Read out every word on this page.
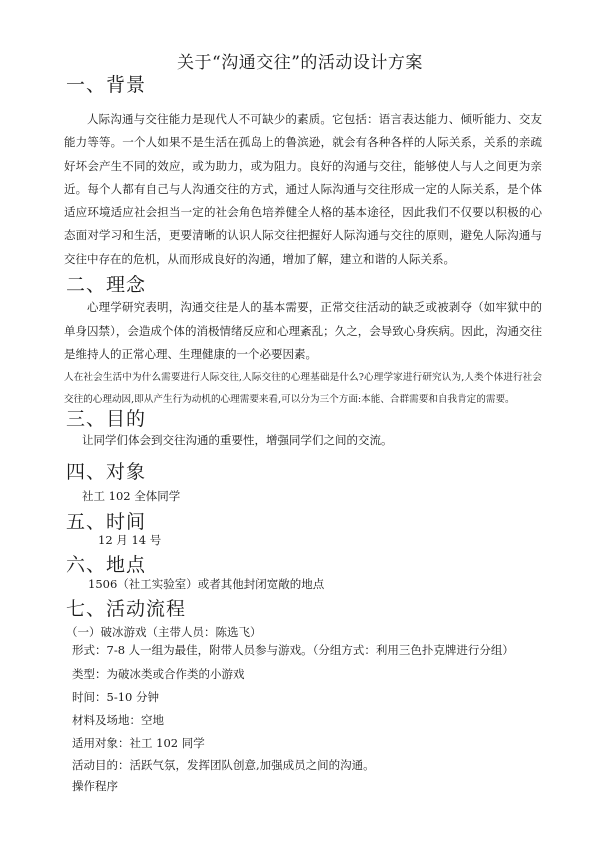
关于“沟通交往”的活动设计方案
一、背景

人际沟通与交往能力是现代人不可缺少的素质。它包括：语言表达能力、倾听能力、交友能力等等。一个人如果不是生活在孤岛上的鲁滨逊，就会有各种各样的人际关系，关系的亲疏好坏会产生不同的效应，或为助力，或为阻力。良好的沟通与交往，能够使人与人之间更为亲近。每个人都有自己与人沟通交往的方式，通过人际沟通与交往形成一定的人际关系，是个体适应环境适应社会担当一定的社会角色培养健全人格的基本途径，因此我们不仅要以积极的心态面对学习和生活，更要清晰的认识人际交往把握好人际沟通与交往的原则，避免人际沟通与交往中存在的危机，从而形成良好的沟通，增加了解，建立和谐的人际关系。

二、理念
心理学研究表明，沟通交往是人的基本需要，正常交往活动的缺乏或被剥夺（如牢狱中的单身囚禁），会造成个体的消极情绪反应和心理紊乱；久之，会导致心身疾病。因此，沟通交往是维持人的正常心理、生理健康的一个必要因素。
人在社会生活中为什么需要进行人际交往,人际交往的心理基础是什么?心理学家进行研究认为,人类个体进行社会交往的心理动因,即从产生行为动机的心理需要来看,可以分为三个方面:本能、合群需要和自我肯定的需要。
三、目的
让同学们体会到交往沟通的重要性，增强同学们之间的交流。
四、对象
社工 102 全体同学
五、时间
12 月 14 号
六、地点
1506（社工实验室）或者其他封闭宽敞的地点
七、活动流程
（一）破冰游戏（主带人员：陈选飞）
形式：7-8 人一组为最佳，附带人员参与游戏。（分组方式：利用三色扑克牌进行分组）
类型：为破冰类或合作类的小游戏
时间：5-10 分钟
材料及场地：空地
适用对象：社工 102 同学
活动目的：活跃气氛，发挥团队创意,加强成员之间的沟通。
操作程序
